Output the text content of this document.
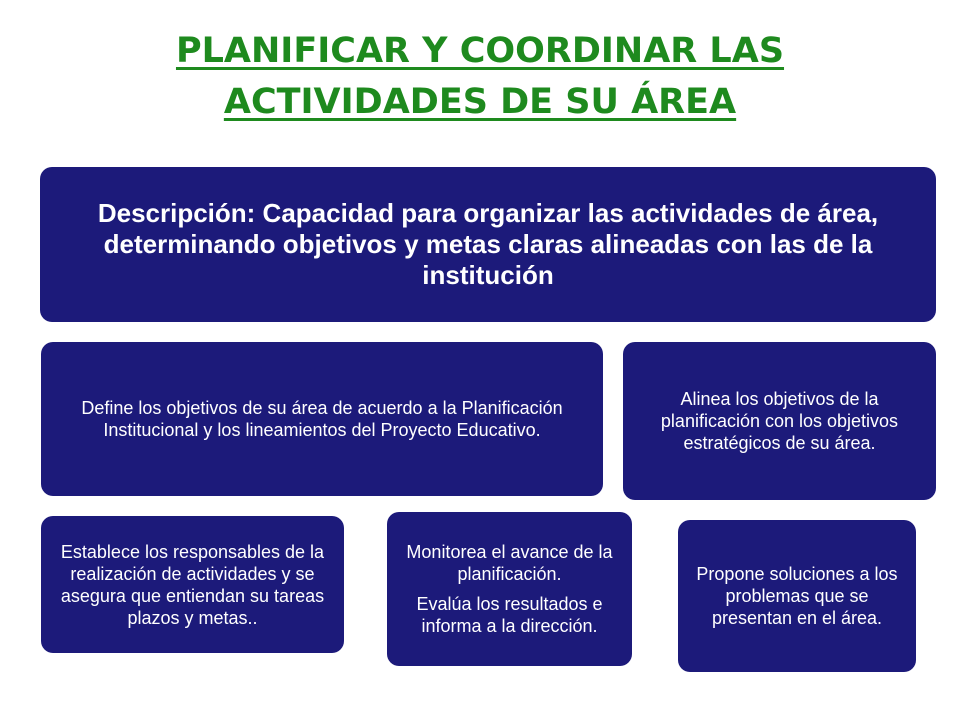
PLANIFICAR Y COORDINAR LAS
ACTIVIDADES DE SU ÁREA
Descripción: Capacidad para organizar las actividades de área, determinando objetivos y metas claras alineadas con las de la institución
Define los objetivos de su área de acuerdo a la Planificación Institucional y los lineamientos del Proyecto Educativo.
Alinea los objetivos de la planificación con los objetivos estratégicos de su área.
Establece los responsables de la realización de actividades y se asegura que entiendan su tareas plazos y metas..

Monitorea el avance de la planificación.

Evalúa los resultados e informa a la dirección.

Propone soluciones a los problemas que se presentan en el área.
